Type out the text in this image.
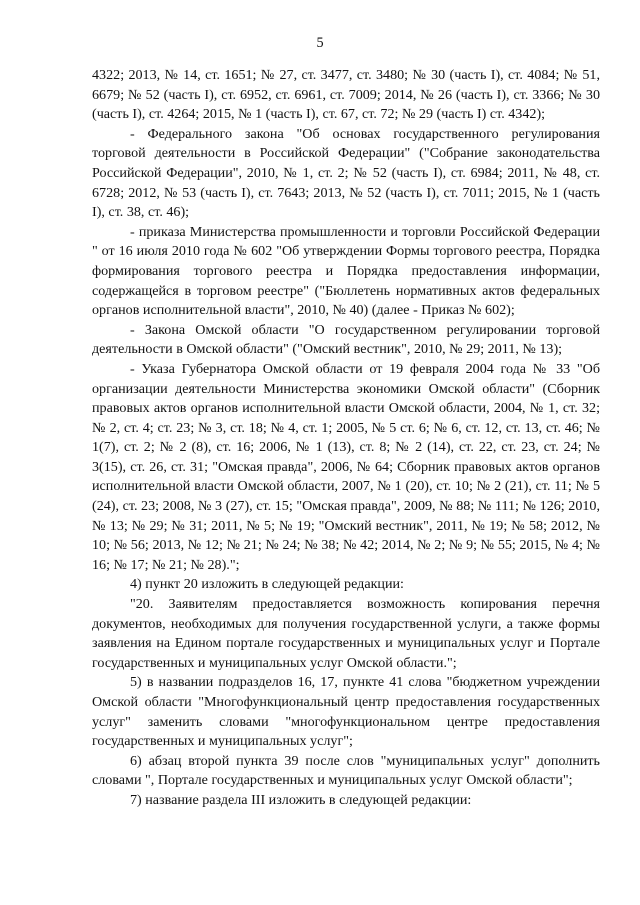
5

4322; 2013, № 14, ст. 1651; № 27, ст. 3477, ст. 3480; № 30 (часть I), ст. 4084; № 51, 6679; № 52 (часть I), ст. 6952, ст. 6961, ст. 7009; 2014, № 26 (часть I), ст. 3366; № 30 (часть I), ст. 4264; 2015, № 1 (часть I), ст. 67, ст. 72; № 29 (часть I) ст. 4342);

- Федерального закона "Об основах государственного регулирования торговой деятельности в Российской Федерации" ("Собрание законодательства Российской Федерации", 2010, № 1, ст. 2; № 52 (часть I), ст. 6984; 2011, № 48, ст. 6728; 2012, № 53 (часть I), ст. 7643; 2013, № 52 (часть I), ст. 7011; 2015, № 1 (часть I), ст. 38, ст. 46);

- приказа Министерства промышленности и торговли Российской Федерации " от 16 июля 2010 года № 602 "Об утверждении Формы торгового реестра, Порядка формирования торгового реестра и Порядка предоставления информации, содержащейся в торговом реестре" ("Бюллетень нормативных актов федеральных органов исполнительной власти", 2010, № 40) (далее - Приказ № 602);

- Закона Омской области "О государственном регулировании торговой деятельности в Омской области" ("Омский вестник", 2010, № 29; 2011, № 13);

- Указа Губернатора Омской области от 19 февраля 2004 года № 33 "Об организации деятельности Министерства экономики Омской области" (Сборник правовых актов органов исполнительной власти Омской области, 2004, № 1, ст. 32; № 2, ст. 4; ст. 23; № 3, ст. 18; № 4, ст. 1; 2005, № 5 ст. 6; № 6, ст. 12, ст. 13, ст. 46; № 1(7), ст. 2; № 2 (8), ст. 16; 2006, № 1 (13), ст. 8; № 2 (14), ст. 22, ст. 23, ст. 24; № 3(15), ст. 26, ст. 31; "Омская правда", 2006, № 64; Сборник правовых актов органов исполнительной власти Омской области, 2007, № 1 (20), ст. 10; № 2 (21), ст. 11; № 5 (24), ст. 23; 2008, № 3 (27), ст. 15; "Омская правда", 2009, № 88; № 111; № 126; 2010, № 13; № 29; № 31; 2011, № 5; № 19; "Омский вестник", 2011, № 19; № 58; 2012, № 10; № 56; 2013, № 12; № 21; № 24; № 38; № 42; 2014, № 2; № 9; № 55; 2015, № 4; № 16; № 17; № 21; № 28).";

4) пункт 20 изложить в следующей редакции:

"20. Заявителям предоставляется возможность копирования перечня документов, необходимых для получения государственной услуги, а также формы заявления на Едином портале государственных и муниципальных услуг и Портале государственных и муниципальных услуг Омской области.";

5) в названии подразделов 16, 17, пункте 41 слова "бюджетном учреждении Омской области "Многофункциональный центр предоставления государственных услуг" заменить словами "многофункциональном центре предоставления государственных и муниципальных услуг";

6) абзац второй пункта 39 после слов "муниципальных услуг" дополнить словами ", Портале государственных и муниципальных услуг Омской области";

7) название раздела III изложить в следующей редакции:
